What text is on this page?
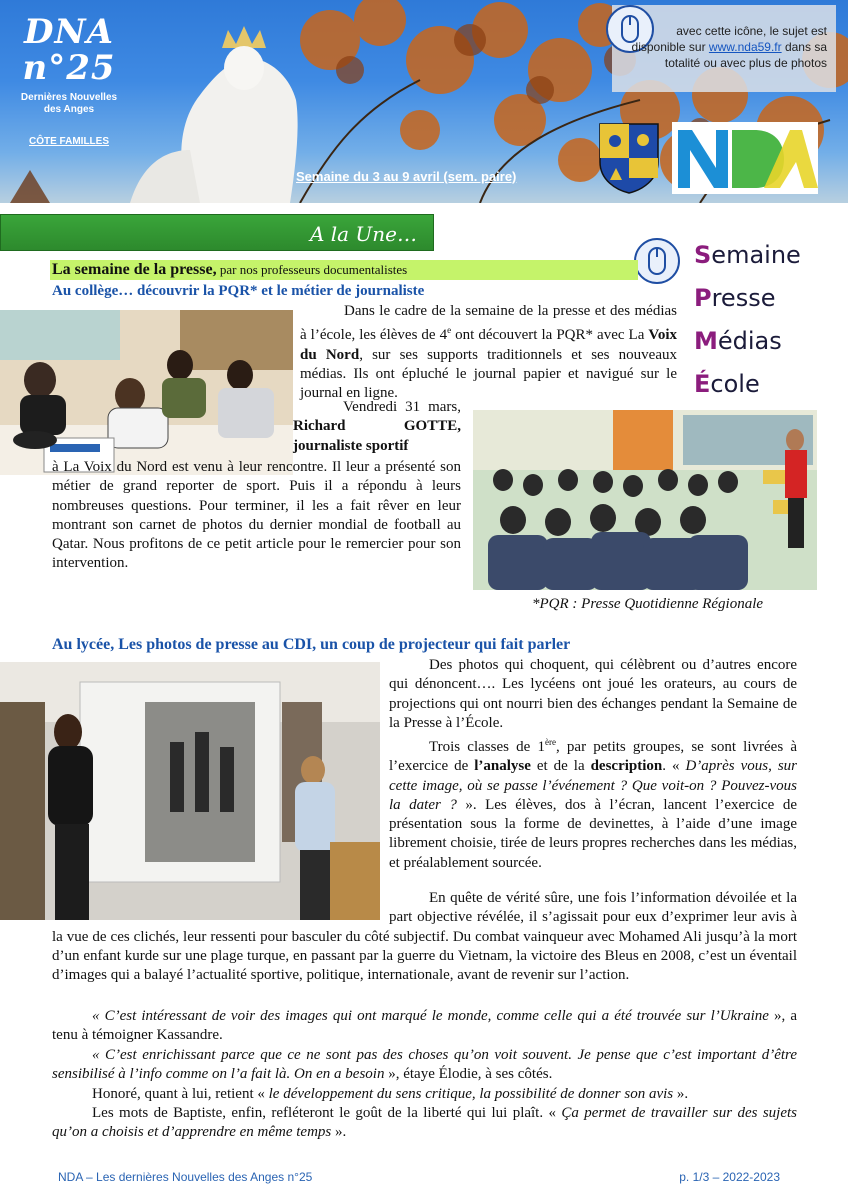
DNA
n°25
Dernières Nouvelles
des Anges
CÔTE FAMILLES
Semaine du 3 au 9 avril (sem. paire)
avec cette icône, le sujet est disponible sur www.nda59.fr dans sa totalité ou avec plus de photos
A la Une…
Semaine
Presse
Médias
École
La semaine de la presse, par nos professeurs documentalistes
Au collège… découvrir la PQR* et le métier de journaliste
Dans le cadre de la semaine de la presse et des médias à l’école, les élèves de 4e ont découvert la PQR* avec La Voix du Nord, sur ses supports traditionnels et ses nouveaux médias. Ils ont épluché le journal papier et navigué sur le journal en ligne.
Vendredi 31 mars, Richard GOTTE, journaliste sportif
à La Voix du Nord est venu à leur rencontre. Il leur a présenté son métier de grand reporter de sport. Puis il a répondu à leurs nombreuses questions. Pour terminer, il les a fait rêver en leur montrant son carnet de photos du dernier mondial de football au Qatar. Nous profitons de ce petit article pour le remercier pour son intervention.
*PQR : Presse Quotidienne Régionale
Au lycée, Les photos de presse au CDI, un coup de projecteur qui fait parler
Des photos qui choquent, qui célèbrent ou d’autres encore qui dénoncent…. Les lycéens ont joué les orateurs, au cours de projections qui ont nourri bien des échanges pendant la Semaine de la Presse à l’École.
Trois classes de 1ère, par petits groupes, se sont livrées à l’exercice de l’analyse et de la description. « D’après vous, sur cette image, où se passe l’événement ? Que voit-on ? Pouvez-vous la dater ? ». Les élèves, dos à l’écran, lancent l’exercice de présentation sous la forme de devinettes, à l’aide d’une image librement choisie, tirée de leurs propres recherches dans les médias, et préalablement sourcée.
En quête de vérité sûre, une fois l’information dévoilée et la part objective révélée, il s’agissait pour eux d’exprimer leur avis à la vue de ces clichés, leur ressenti pour basculer du côté subjectif. Du combat vainqueur avec Mohamed Ali jusqu’à la mort d’un enfant kurde sur une plage turque, en passant par la guerre du Vietnam, la victoire des Bleus en 2008, c’est un éventail d’images qui a balayé l’actualité sportive, politique, internationale, avant de revenir sur l’action.
« C’est intéressant de voir des images qui ont marqué le monde, comme celle qui a été trouvée sur l’Ukraine », a tenu à témoigner Kassandre.
« C’est enrichissant parce que ce ne sont pas des choses qu’on voit souvent. Je pense que c’est important d’être sensibilisé à l’info comme on l’a fait là. On en a besoin », étaye Élodie, à ses côtés.
Honoré, quant à lui, retient « le développement du sens critique, la possibilité de donner son avis ».
Les mots de Baptiste, enfin, refléteront le goût de la liberté qui lui plaît. « Ça permet de travailler sur des sujets qu’on a choisis et d’apprendre en même temps ».
NDA – Les dernières Nouvelles des Anges n°25	p. 1/3 – 2022-2023
